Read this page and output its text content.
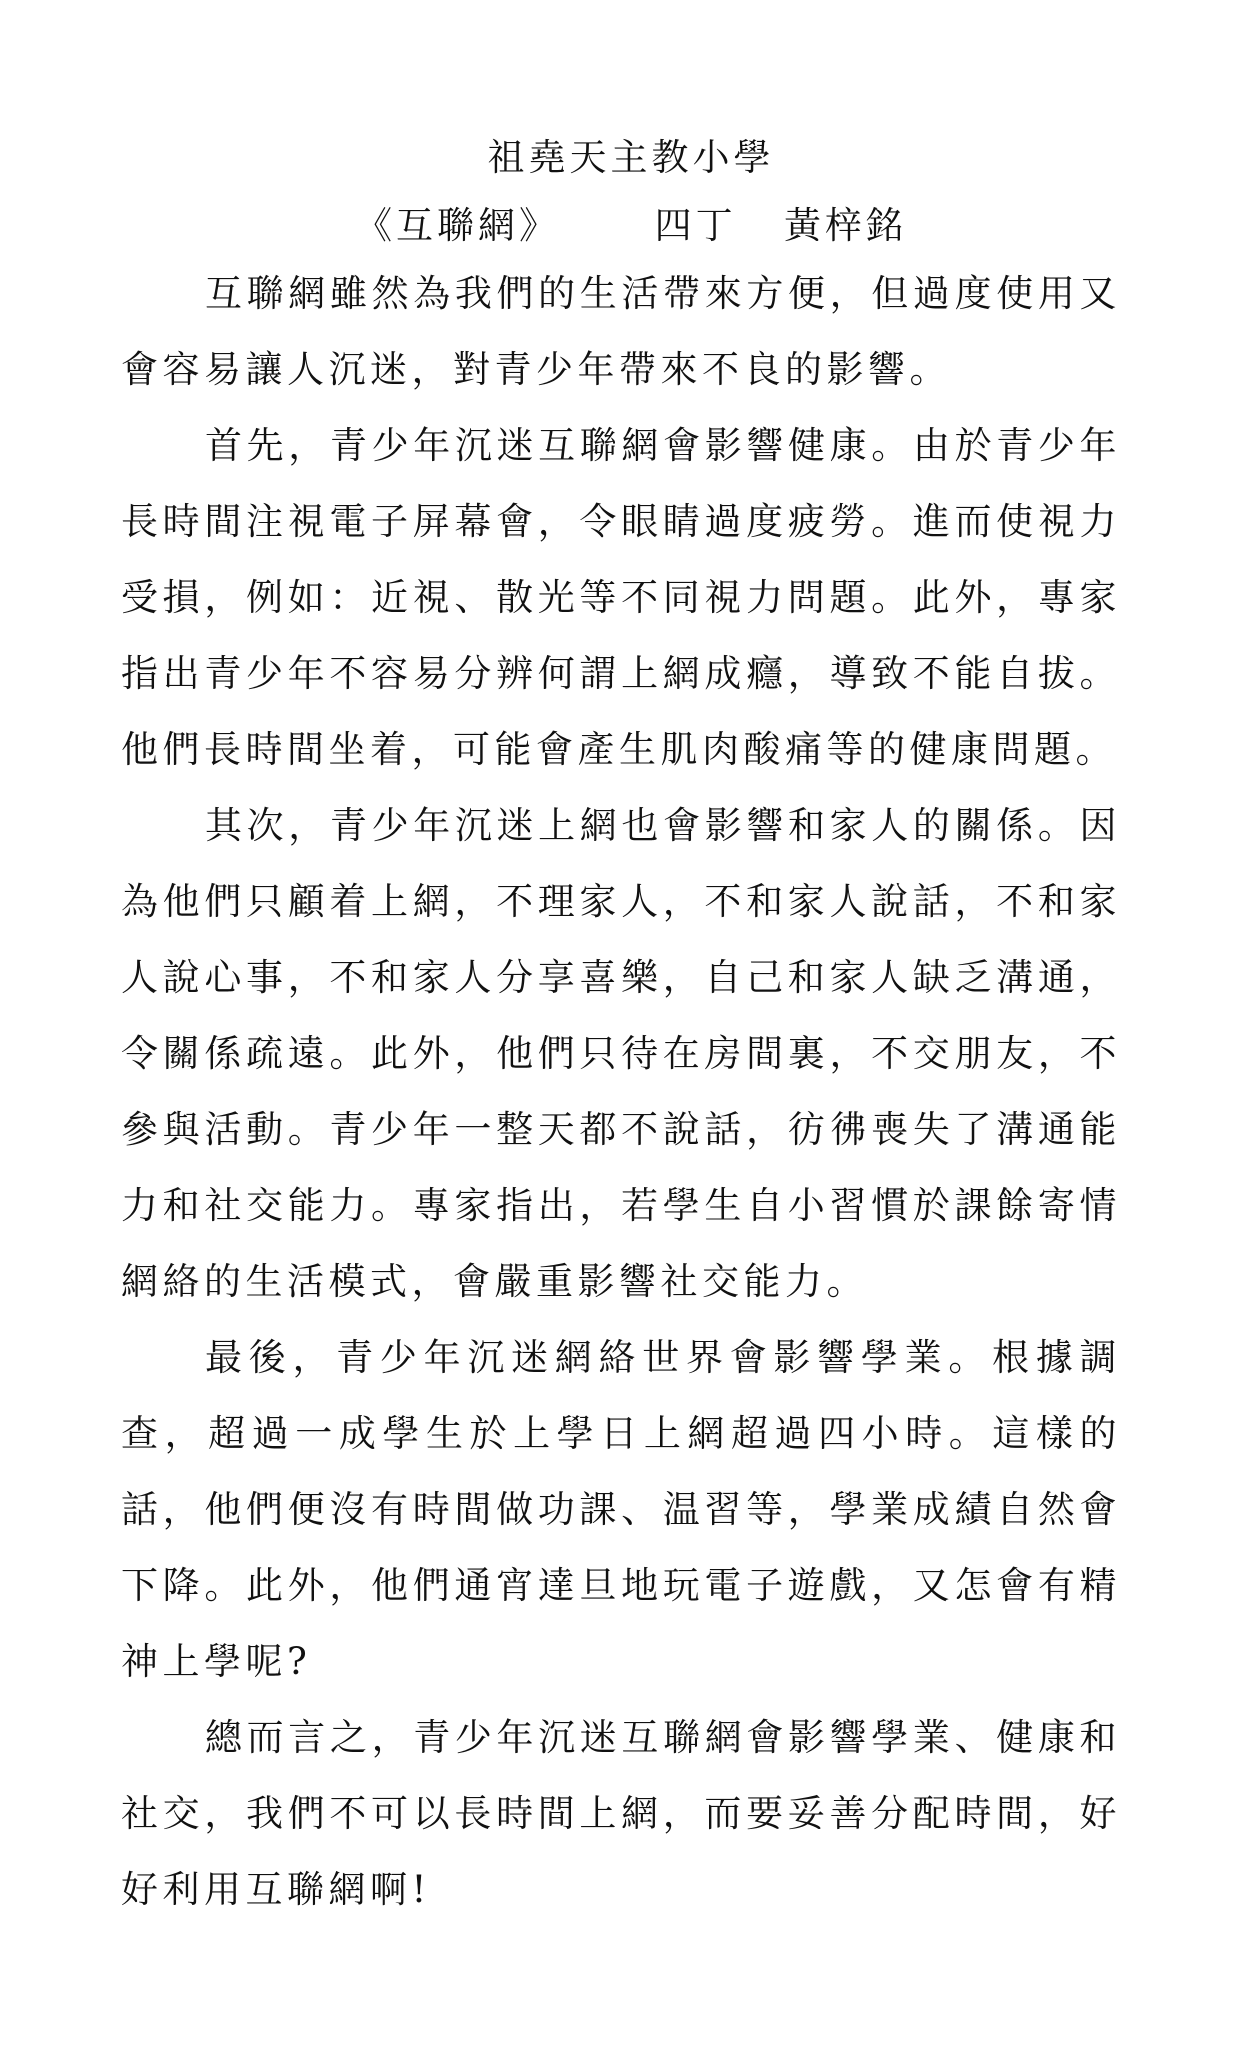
祖堯天主教小學
《互聯網》	四丁 黃梓銘

互聯網雖然為我們的生活帶來方便，但過度使用又會容易讓人沉迷，對青少年帶來不良的影響。

首先，青少年沉迷互聯網會影響健康。由於青少年長時間注視電子屏幕會，令眼睛過度疲勞。進而使視力受損，例如：近視、散光等不同視力問題。此外，專家指出青少年不容易分辨何謂上網成癮，導致不能自拔。他們長時間坐着，可能會產生肌肉酸痛等的健康問題。

其次，青少年沉迷上網也會影響和家人的關係。因為他們只顧着上網，不理家人，不和家人說話，不和家人說心事，不和家人分享喜樂，自己和家人缺乏溝通，令關係疏遠。此外，他們只待在房間裏，不交朋友，不參與活動。青少年一整天都不說話，彷彿喪失了溝通能力和社交能力。專家指出，若學生自小習慣於課餘寄情網絡的生活模式，會嚴重影響社交能力。

最後，青少年沉迷網絡世界會影響學業。根據調查，超過一成學生於上學日上網超過四小時。這樣的話，他們便沒有時間做功課、温習等，學業成績自然會下降。此外，他們通宵達旦地玩電子遊戲，又怎會有精神上學呢?

總而言之，青少年沉迷互聯網會影響學業、健康和社交，我們不可以長時間上網，而要妥善分配時間，好好利用互聯網啊!
